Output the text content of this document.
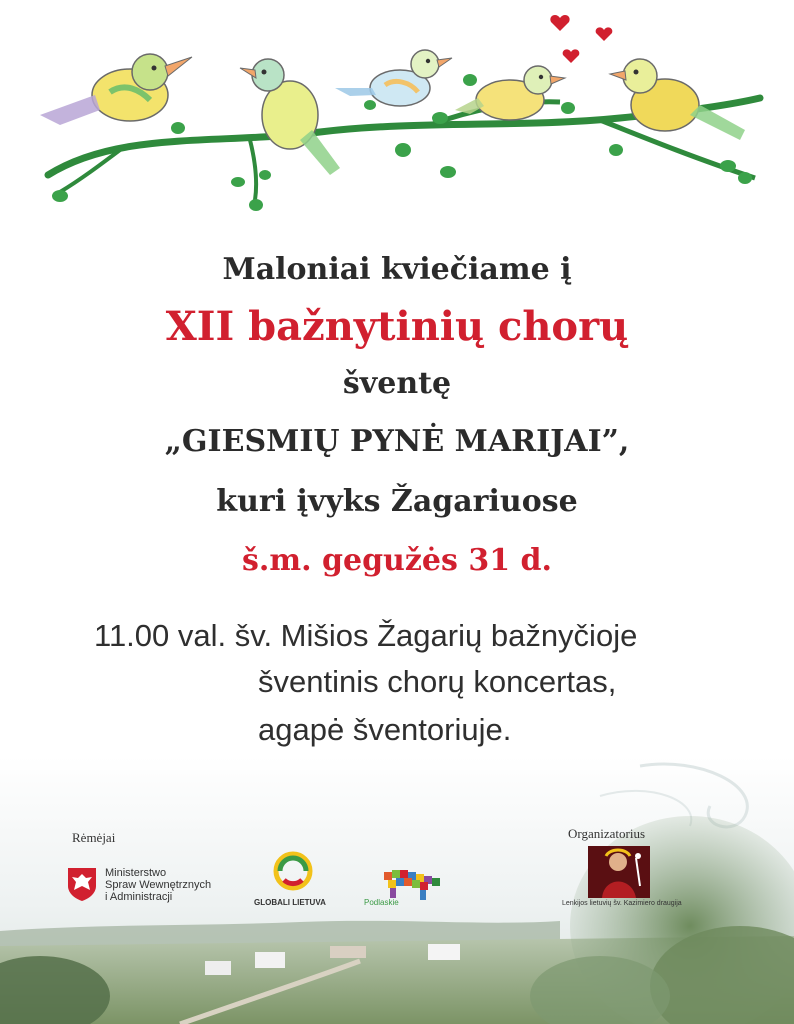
Maloniai kviečiame į
XII bažnytinių chorų
šventę
„GIESMIŲ PYNĖ MARIJAI”,
kuri įvyks Žagariuose
š.m. gegužės 31 d.
11.00 val. šv. Mišios Žagarių bažnyčioje
šventinis chorų koncertas,
agapė šventoriuje.
Rėmėjai
Ministerstwo
Spraw Wewnętrznych
i Administracji	GLOBALI LIETUVA	Podlaskie
Organizatorius
Lenkijos lietuvių šv. Kazimiero draugija
